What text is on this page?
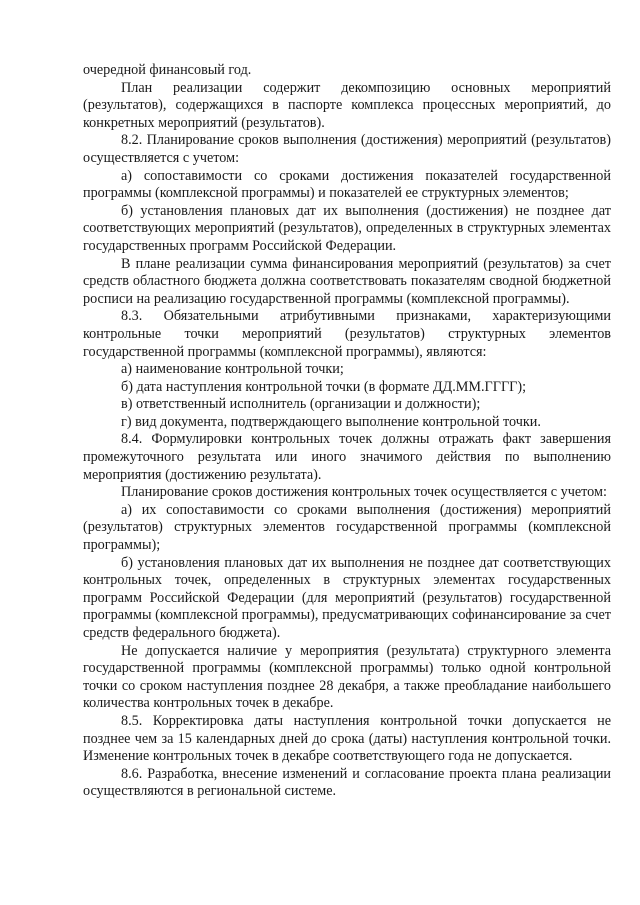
очередной финансовый год.

План реализации содержит декомпозицию основных мероприятий (результатов), содержащихся в паспорте комплекса процессных мероприятий, до конкретных мероприятий (результатов).

8.2. Планирование сроков выполнения (достижения) мероприятий (результатов) осуществляется с учетом:

а) сопоставимости со сроками достижения показателей государственной программы (комплексной программы) и показателей ее структурных элементов;

б) установления плановых дат их выполнения (достижения) не позднее дат соответствующих мероприятий (результатов), определенных в структурных элементах государственных программ Российской Федерации.

В плане реализации сумма финансирования мероприятий (результатов) за счет средств областного бюджета должна соответствовать показателям сводной бюджетной росписи на реализацию государственной программы (комплексной программы).

8.3. Обязательными атрибутивными признаками, характеризующими контрольные точки мероприятий (результатов) структурных элементов государственной программы (комплексной программы), являются:

а) наименование контрольной точки;

б) дата наступления контрольной точки (в формате ДД.ММ.ГГГГ);

в) ответственный исполнитель (организации и должности);

г) вид документа, подтверждающего выполнение контрольной точки.

8.4. Формулировки контрольных точек должны отражать факт завершения промежуточного результата или иного значимого действия по выполнению мероприятия (достижению результата).

Планирование сроков достижения контрольных точек осуществляется с учетом:

а) их сопоставимости со сроками выполнения (достижения) мероприятий (результатов) структурных элементов государственной программы (комплексной программы);

б) установления плановых дат их выполнения не позднее дат соответствующих контрольных точек, определенных в структурных элементах государственных программ Российской Федерации (для мероприятий (результатов) государственной программы (комплексной программы), предусматривающих софинансирование за счет средств федерального бюджета).

Не допускается наличие у мероприятия (результата) структурного элемента государственной программы (комплексной программы) только одной контрольной точки со сроком наступления позднее 28 декабря, а также преобладание наибольшего количества контрольных точек в декабре.

8.5. Корректировка даты наступления контрольной точки допускается не позднее чем за 15 календарных дней до срока (даты) наступления контрольной точки. Изменение контрольных точек в декабре соответствующего года не допускается.

8.6. Разработка, внесение изменений и согласование проекта плана реализации осуществляются в региональной системе.
